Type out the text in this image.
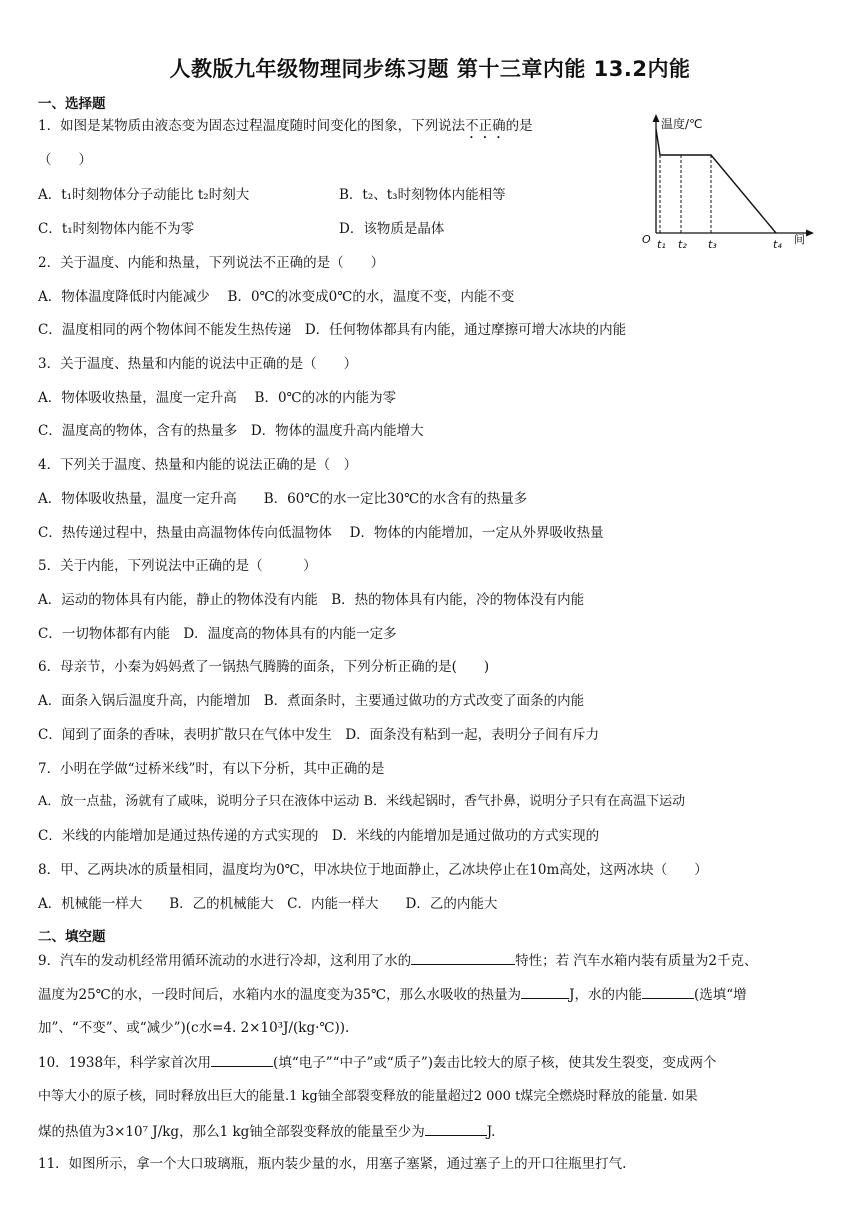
人教版九年级物理同步练习题 第十三章内能 13.2内能
一、选择题
1．如图是某物质由液态变为固态过程温度随时间变化的图象，下列说法不正确的是
（　　）
A．t₁时刻物体分子动能比 t₂时刻大	B．t₂、t₃时刻物体内能相等
C．t₁时刻物体内能不为零	D．该物质是晶体
温度/℃
间
O t₁ t₂ t₃	t₄
2．关于温度、内能和热量，下列说法不正确的是（　　）
A．物体温度降低时内能减少　 B．0℃的冰变成0℃的水，温度不变，内能不变
C．温度相同的两个物体间不能发生热传递　D．任何物体都具有内能，通过摩擦可增大冰块的内能
3．关于温度、热量和内能的说法中正确的是（　　）
A．物体吸收热量，温度一定升高　 B．0℃的冰的内能为零
C．温度高的物体，含有的热量多　D．物体的温度升高内能增大
4．下列关于温度、热量和内能的说法正确的是（　）
A．物体吸收热量，温度一定升高　　B．60℃的水一定比30℃的水含有的热量多
C．热传递过程中，热量由高温物体传向低温物体　 D．物体的内能增加，一定从外界吸收热量
5．关于内能，下列说法中正确的是（　　　）
A．运动的物体具有内能，静止的物体没有内能　B．热的物体具有内能，冷的物体没有内能
C．一切物体都有内能　D．温度高的物体具有的内能一定多
6．母亲节，小秦为妈妈煮了一锅热气腾腾的面条，下列分析正确的是(　　)
A．面条入锅后温度升高，内能增加　B．煮面条时，主要通过做功的方式改变了面条的内能
C．闻到了面条的香味，表明扩散只在气体中发生　D．面条没有粘到一起，表明分子间有斥力
7．小明在学做“过桥米线”时，有以下分析，其中正确的是
A．放一点盐，汤就有了咸味，说明分子只在液体中运动 B．米线起锅时，香气扑鼻，说明分子只有在高温下运动
C．米线的内能增加是通过热传递的方式实现的　D．米线的内能增加是通过做功的方式实现的
8．甲、乙两块冰的质量相同，温度均为0℃，甲冰块位于地面静止，乙冰块停止在10m高处，这两冰块（　　）
A．机械能一样大　　B．乙的机械能大　C．内能一样大　　D．乙的内能大
二、填空题
9．汽车的发动机经常用循环流动的水进行冷却，这利用了水的	特性；若 汽车水箱内装有质量为2千克、
温度为25℃的水，一段时间后，水箱内水的温度变为35℃，那么水吸收的热量为	J，水的内能	(选填“增
加”、“不变”、或“减少”)(c水=4. 2×10³J/(kg·℃)).
10．1938年，科学家首次用	(填“电子”“中子”或“质子”)轰击比较大的原子核，使其发生裂变，变成两个
中等大小的原子核，同时释放出巨大的能量.1 kg铀全部裂变释放的能量超过2 000 t煤完全燃烧时释放的能量. 如果
煤的热值为3×10⁷ J/kg，那么1 kg铀全部裂变释放的能量至少为	J.
11．如图所示，拿一个大口玻璃瓶，瓶内装少量的水，用塞子塞紧，通过塞子上的开口往瓶里打气.
